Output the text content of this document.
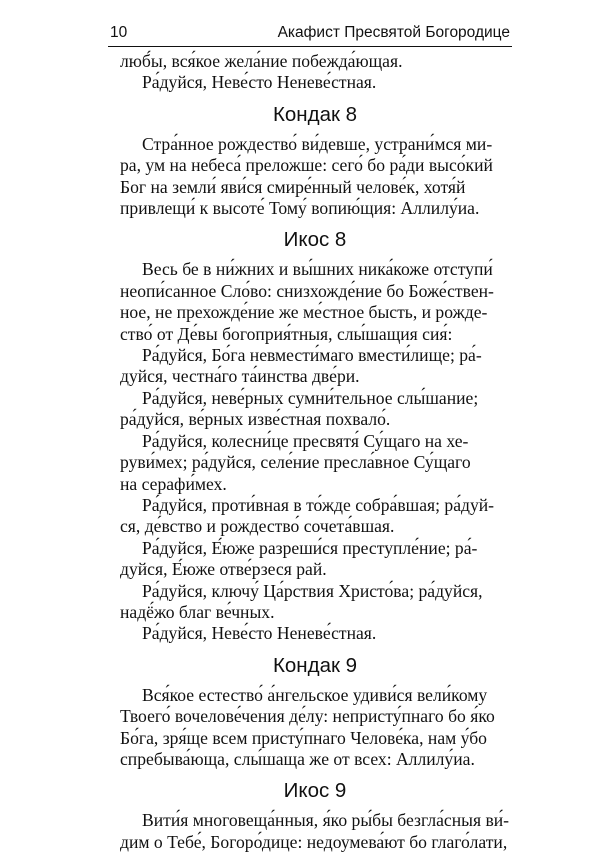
10	Акафист Пресвятой Богородице
люб́ы, вся́кое жела́ние побежда́ющая.
Ра́дуйся, Неве́сто Неневе́стная.
Кондак 8
Стра́нное рождество́ ви́девше, устрани́мся ми-
ра, ум на небеса́ преложше: сего́ бо ра́ди высо́кий
Бог на земли́ яви́ся смире́нный челове́к, хотя́й
привлещи́ к высоте́ Тому́ вопию́щия: Аллилу́иа.
Икос 8
Весь бе в ни́жних и вы́шних ника́коже отступи́
неопи́санное Сло́во: снизхожде́ние бо Боже́ствен-
ное, не прехожде́ние же ме́стное бысть, и рожде-
ство́ от Де́вы богоприя́тныя, слы́шащия сия́:
Ра́дуйся, Бо́га невмести́маго вмести́лище; ра́-
дуйся, честна́го та́инства две́ри.
Ра́дуйся, неве́рных сумни́тельное слы́шание;
ра́дуйся, ве́рных изве́стная похвало́.
Ра́дуйся, колесни́це пресвятя́ Су́щаго на хе-
руви́мех; ра́дуйся, селе́ние пресла́вное Су́щаго
на серафи́мех.
Ра́дуйся, проти́вная в то́жде собра́вшая; ра́дуй-
ся, де́вство и рождество́ сочета́вшая.
Ра́дуйся, Е́юже разреши́ся преступле́ние; ра́-
дуйся, Е́юже отве́рзеся рай.
Ра́дуйся, ключу́ Ца́рствия Христо́ва; ра́дуйся,
надё́жо благ ве́чных.
Ра́дуйся, Неве́сто Неневе́стная.
Кондак 9
Вся́кое естество́ а́нгельское удиви́ся вели́кому
Твоего́ вочелове́чения де́лу: непристу́пнаго бо я́ко
Бо́га, зря́ще всем присту́пнаго Челове́ка, нам у́бо
спребыва́юща, слы́шаща же от всех: Аллилу́иа.
Икос 9
Вити́я многовеща́нныя, я́ко ры́бы безгла́сныя ви́-
дим о Тебе́, Богоро́дице: недоумева́ют бо глаго́лати,
